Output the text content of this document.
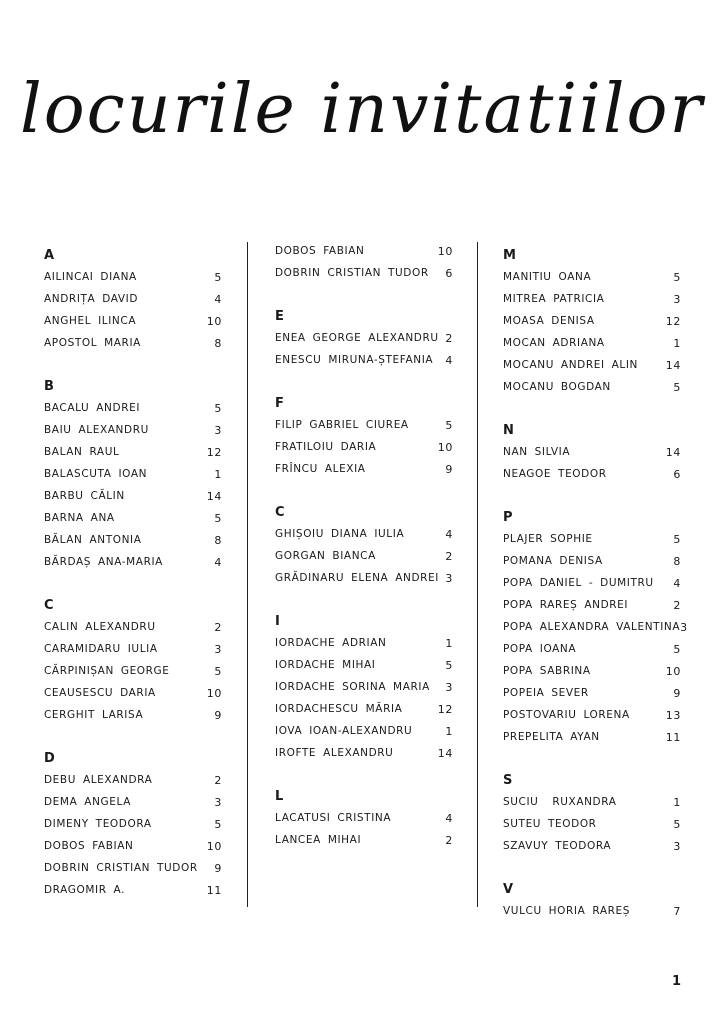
locurile invitatiilor
A
AILINCAI DIANA	5
ANDRIȚA DAVID	4
ANGHEL ILINCA	10
APOSTOL MARIA	8
B
BACALU ANDREI	5
BAIU ALEXANDRU	3
BALAN RAUL	12
BALASCUTA IOAN	1
BARBU CĂLIN	14
BARNA ANA	5
BĂLAN ANTONIA	8
BĂRDAȘ ANA-MARIA	4
C
CALIN ALEXANDRU	2
CARAMIDARU IULIA	3
CĂRPINIȘAN GEORGE	5
CEAUSESCU DARIA	10
CERGHIT LARISA	9
D
DEBU ALEXANDRA	2
DEMA ANGELA	3
DIMENY TEODORA	5
DOBOS FABIAN	10
DOBRIN CRISTIAN TUDOR 9
DRAGOMIR A.	11
DOBOS FABIAN	10
DOBRIN CRISTIAN TUDOR 6
E
ENEA GEORGE ALEXANDRU 2
ENESCU MIRUNA-ȘTEFANIA 4
F
FILIP GABRIEL CIUREA	5
FRATILOIU DARIA	10
FRÎNCU ALEXIA	9
C
GHIȘOIU DIANA IULIA	4
GORGAN BIANCA	2
GRĂDINARU ELENA ANDREI 3
I
IORDACHE ADRIAN	1
IORDACHE MIHAI	5
IORDACHE SORINA MARIA 3
IORDACHESCU MĂRIA	12
IOVA IOAN-ALEXANDRU	1
IROFTE ALEXANDRU	14
L
LACATUSI CRISTINA	4
LANCEA MIHAI	2
M
MANITIU OANA	5
MITREA PATRICIA	3
MOASA DENISA	12
MOCAN ADRIANA	1
MOCANU ANDREI ALIN	14
MOCANU BOGDAN	5
N
NAN SILVIA	14
NEAGOE TEODOR	6
P
PLAJER SOPHIE	5
POMANA DENISA	8
POPA DANIEL - DUMITRU 4
POPA RAREȘ ANDREI	2
POPA ALEXANDRA VALENTINA 3
POPA IOANA	5
POPA SABRINA	10
POPEIA SEVER	9
POSTOVARIU LORENA	13
PREPELITA AYAN	11
S
SUCIU  RUXANDRA	1
SUTEU TEODOR	5
SZAVUY TEODORA	3
V
VULCU HORIA RAREȘ	7
1
